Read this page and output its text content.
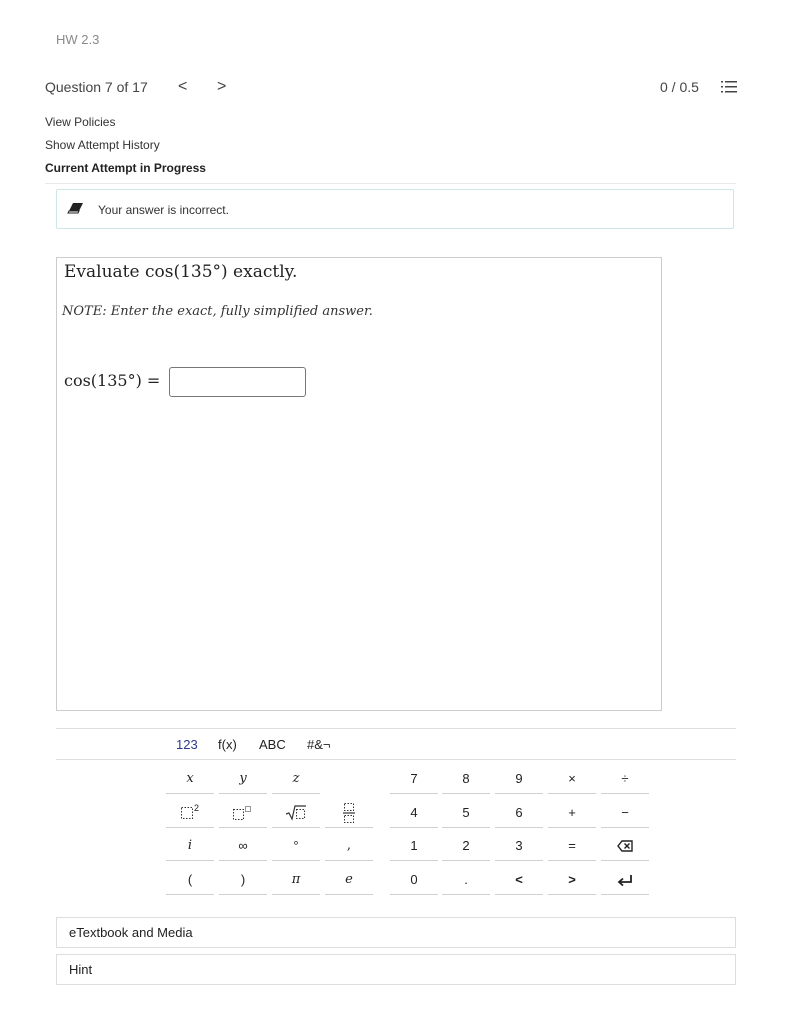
HW 2.3
Question 7 of 17 < >	0 / 0.5
View Policies
Show Attempt History
Current Attempt in Progress
Your answer is incorrect.
Evaluate cos(135°) exactly.
NOTE: Enter the exact, fully simplified answer.
cos(135°) =
123 f(x) ABC #&¬
x	y	z	7	8	9	×	÷
2	4	5	6	+	−
i	∞	°	,	1	2	3	=
(	)	π	e	0	.	<	>
eTextbook and Media
Hint
